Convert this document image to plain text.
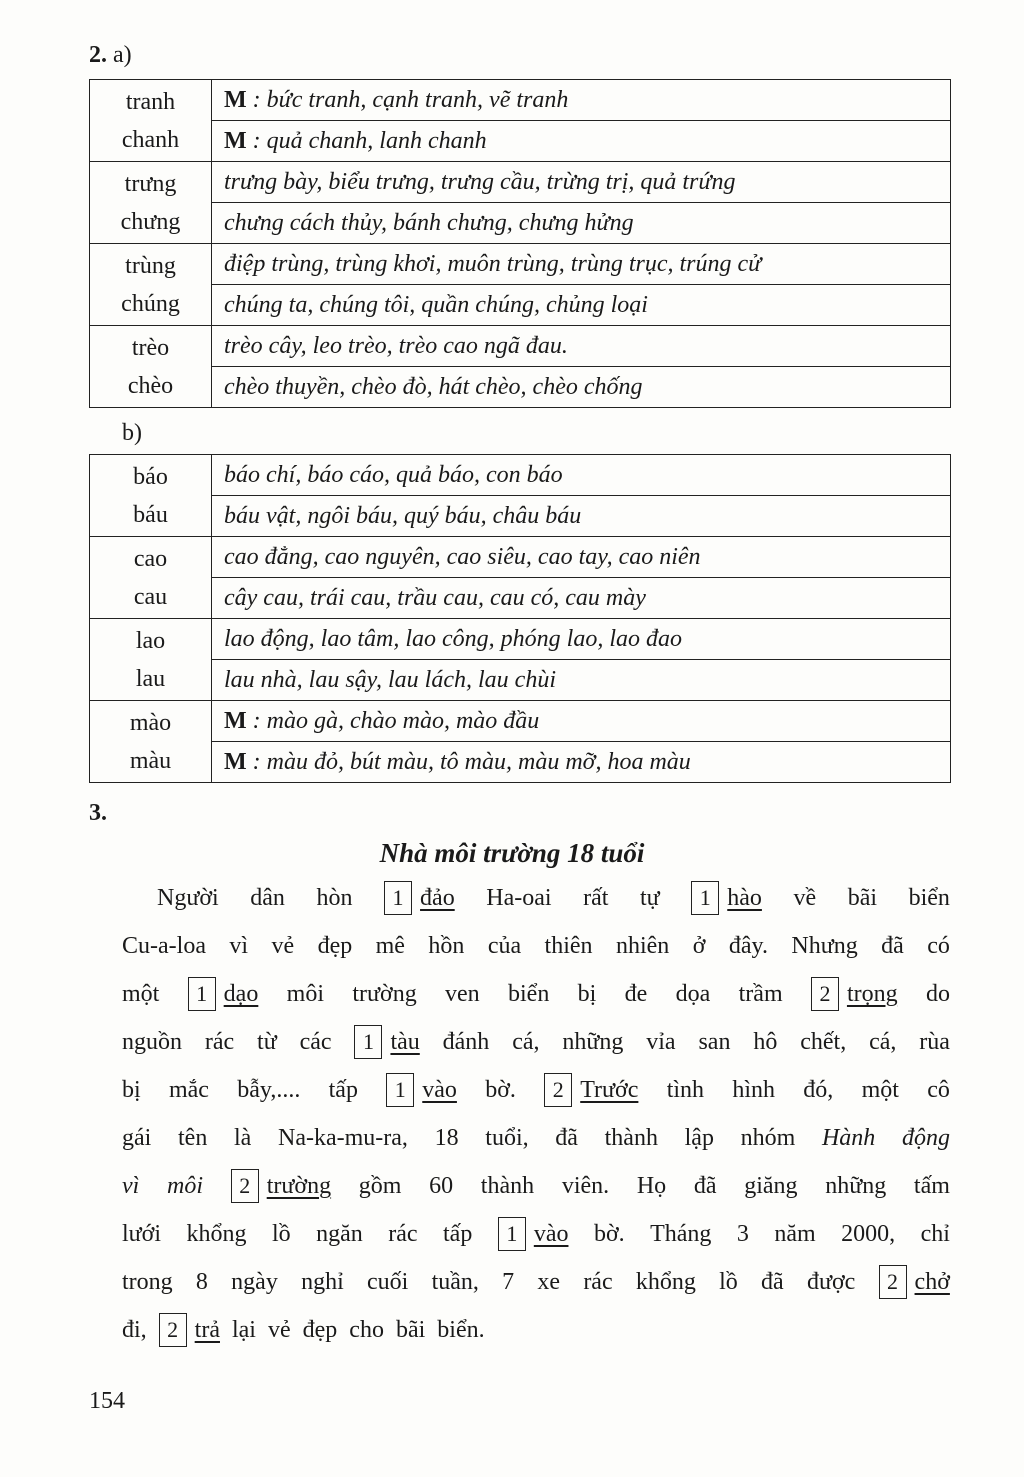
2. a)
tranh
chanh	M : bức tranh, cạnh tranh, vẽ tranh
	M : quả chanh, lanh chanh

trưng
chưng	trưng bày, biểu trưng, trưng cầu, trừng trị, quả trứng
	chưng cách thủy, bánh chưng, chưng hửng

trùng
chúng	điệp trùng, trùng khơi, muôn trùng, trùng trục, trúng cử
	chúng ta, chúng tôi, quần chúng, chủng loại

trèo
chèo	trèo cây, leo trèo, trèo cao ngã đau.
	chèo thuyền, chèo đò, hát chèo, chèo chống
b)
báo
báu	báo chí, báo cáo, quả báo, con báo
	báu vật, ngôi báu, quý báu, châu báu

cao
cau	cao đẳng, cao nguyên, cao siêu, cao tay, cao niên
	cây cau, trái cau, trầu cau, cau có, cau mày

lao
lau	lao động, lao tâm, lao công, phóng lao, lao đao
	lau nhà, lau sậy, lau lách, lau chùi

mào
màu	M : mào gà, chào mào, mào đầu
	M : màu đỏ, bút màu, tô màu, màu mỡ, hoa màu
3.
Nhà môi trường 18 tuổi
Người dân hòn	1 đảo Ha-oai rất tự	1 hào về bãi biển
Cu-a-loa vì vẻ đẹp mê hồn của thiên nhiên ở đây. Nhưng đã có
một	1 dạo môi trường ven biển bị đe dọa trầm	2 trọng do
nguồn rác từ các	1 tàu đánh cá, những vỉa san hô chết, cá, rùa
bị mắc bẫy,.... tấp	1 vào bờ.	2 Trước tình hình đó, một cô
gái tên là Na-ka-mu-ra, 18 tuổi, đã thành lập nhóm Hành động
vì môi	2 trường gồm 60 thành viên. Họ đã giăng những tấm
lưới khổng lồ ngăn rác tấp	1 vào bờ. Tháng 3 năm 2000, chỉ
trong 8 ngày nghỉ cuối tuần, 7 xe rác khổng lồ đã được	2 chở
đi, 2 trả lại vẻ đẹp cho bãi biển.
154
